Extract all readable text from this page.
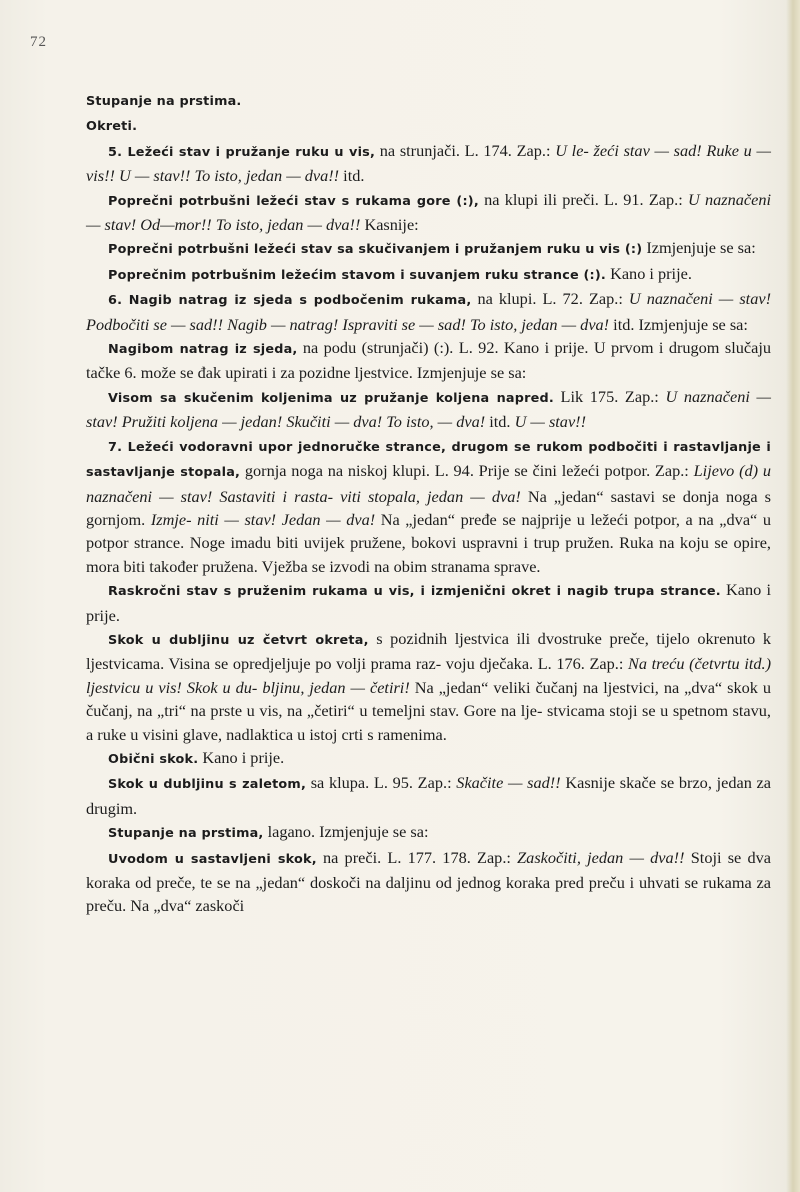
72

Stupanje na prstima.

Okreti.

5. Ležeći stav i pružanje ruku u vis, na strunjači. L. 174. Zap.: U le- žeći stav — sad! Ruke u — vis!! U — stav!! To isto, jedan — dva!! itd.

Poprečni potrbušni ležeći stav s rukama gore (:), na klupi ili preči. L. 91. Zap.: U naznačeni — stav! Od—mor!! To isto, jedan — dva!! Kasnije:

Poprečni potrbušni ležeći stav sa skučivanjem i pružanjem ruku u vis (:) Izmjenjuje se sa:

Poprečnim potrbušnim ležećim stavom i suvanjem ruku strance (:). Kano i prije.

6. Nagib natrag iz sjeda s podbočenim rukama, na klupi. L. 72. Zap.: U naznačeni — stav! Podbočiti se — sad!! Nagib — natrag! Ispraviti se — sad! To isto, jedan — dva! itd. Izmjenjuje se sa:

Nagibom natrag iz sjeda, na podu (strunjači) (:). L. 92. Kano i prije. U prvom i drugom slučaju tačke 6. može se đak upirati i za pozidne ljestvice. Izmjenjuje se sa:

Visom sa skučenim koljenima uz pružanje koljena napred. Lik 175. Zap.: U naznačeni — stav! Pružiti koljena — jedan! Skučiti — dva! To isto, — dva! itd. U — stav!!

7. Ležeći vodoravni upor jednoručke strance, drugom se rukom podbočiti i rastavljanje i sastavljanje stopala, gornja noga na niskoj klupi. L. 94. Prije se čini ležeći potpor. Zap.: Lijevo (d) u naznačeni — stav! Sastaviti i rasta- viti stopala, jedan — dva! Na „jedan“ sastavi se donja noga s gornjom. Izmje- niti — stav! Jedan — dva! Na „jedan“ pređe se najprije u ležeći potpor, a na „dva“ u potpor strance. Noge imadu biti uvijek pružene, bokovi uspravni i trup pružen. Ruka na koju se opire, mora biti također pružena. Vježba se izvodi na obim stranama sprave.

Raskročni stav s pruženim rukama u vis, i izmjenični okret i nagib trupa strance. Kano i prije.

Skok u dubljinu uz četvrt okreta, s pozidnih ljestvica ili dvostruke preče, tijelo okrenuto k ljestvicama. Visina se opredjeljuje po volji prama raz- voju dječaka. L. 176. Zap.: Na treću (četvrtu itd.) ljestvicu u vis! Skok u du- bljinu, jedan — četiri! Na „jedan“ veliki čučanj na ljestvici, na „dva“ skok u čučanj, na „tri“ na prste u vis, na „četiri“ u temeljni stav. Gore na lje- stvicama stoji se u spetnom stavu, a ruke u visini glave, nadlaktica u istoj crti s ramenima.

Obični skok. Kano i prije.

Skok u dubljinu s zaletom, sa klupa. L. 95. Zap.: Skačite — sad!! Kasnije skače se brzo, jedan za drugim.

Stupanje na prstima, lagano. Izmjenjuje se sa:

Uvodom u sastavljeni skok, na preči. L. 177. 178. Zap.: Zaskočiti, jedan — dva!! Stoji se dva koraka od preče, te se na „jedan“ doskoči na daljinu od jednog koraka pred preču i uhvati se rukama za preču. Na „dva“ zaskoči
